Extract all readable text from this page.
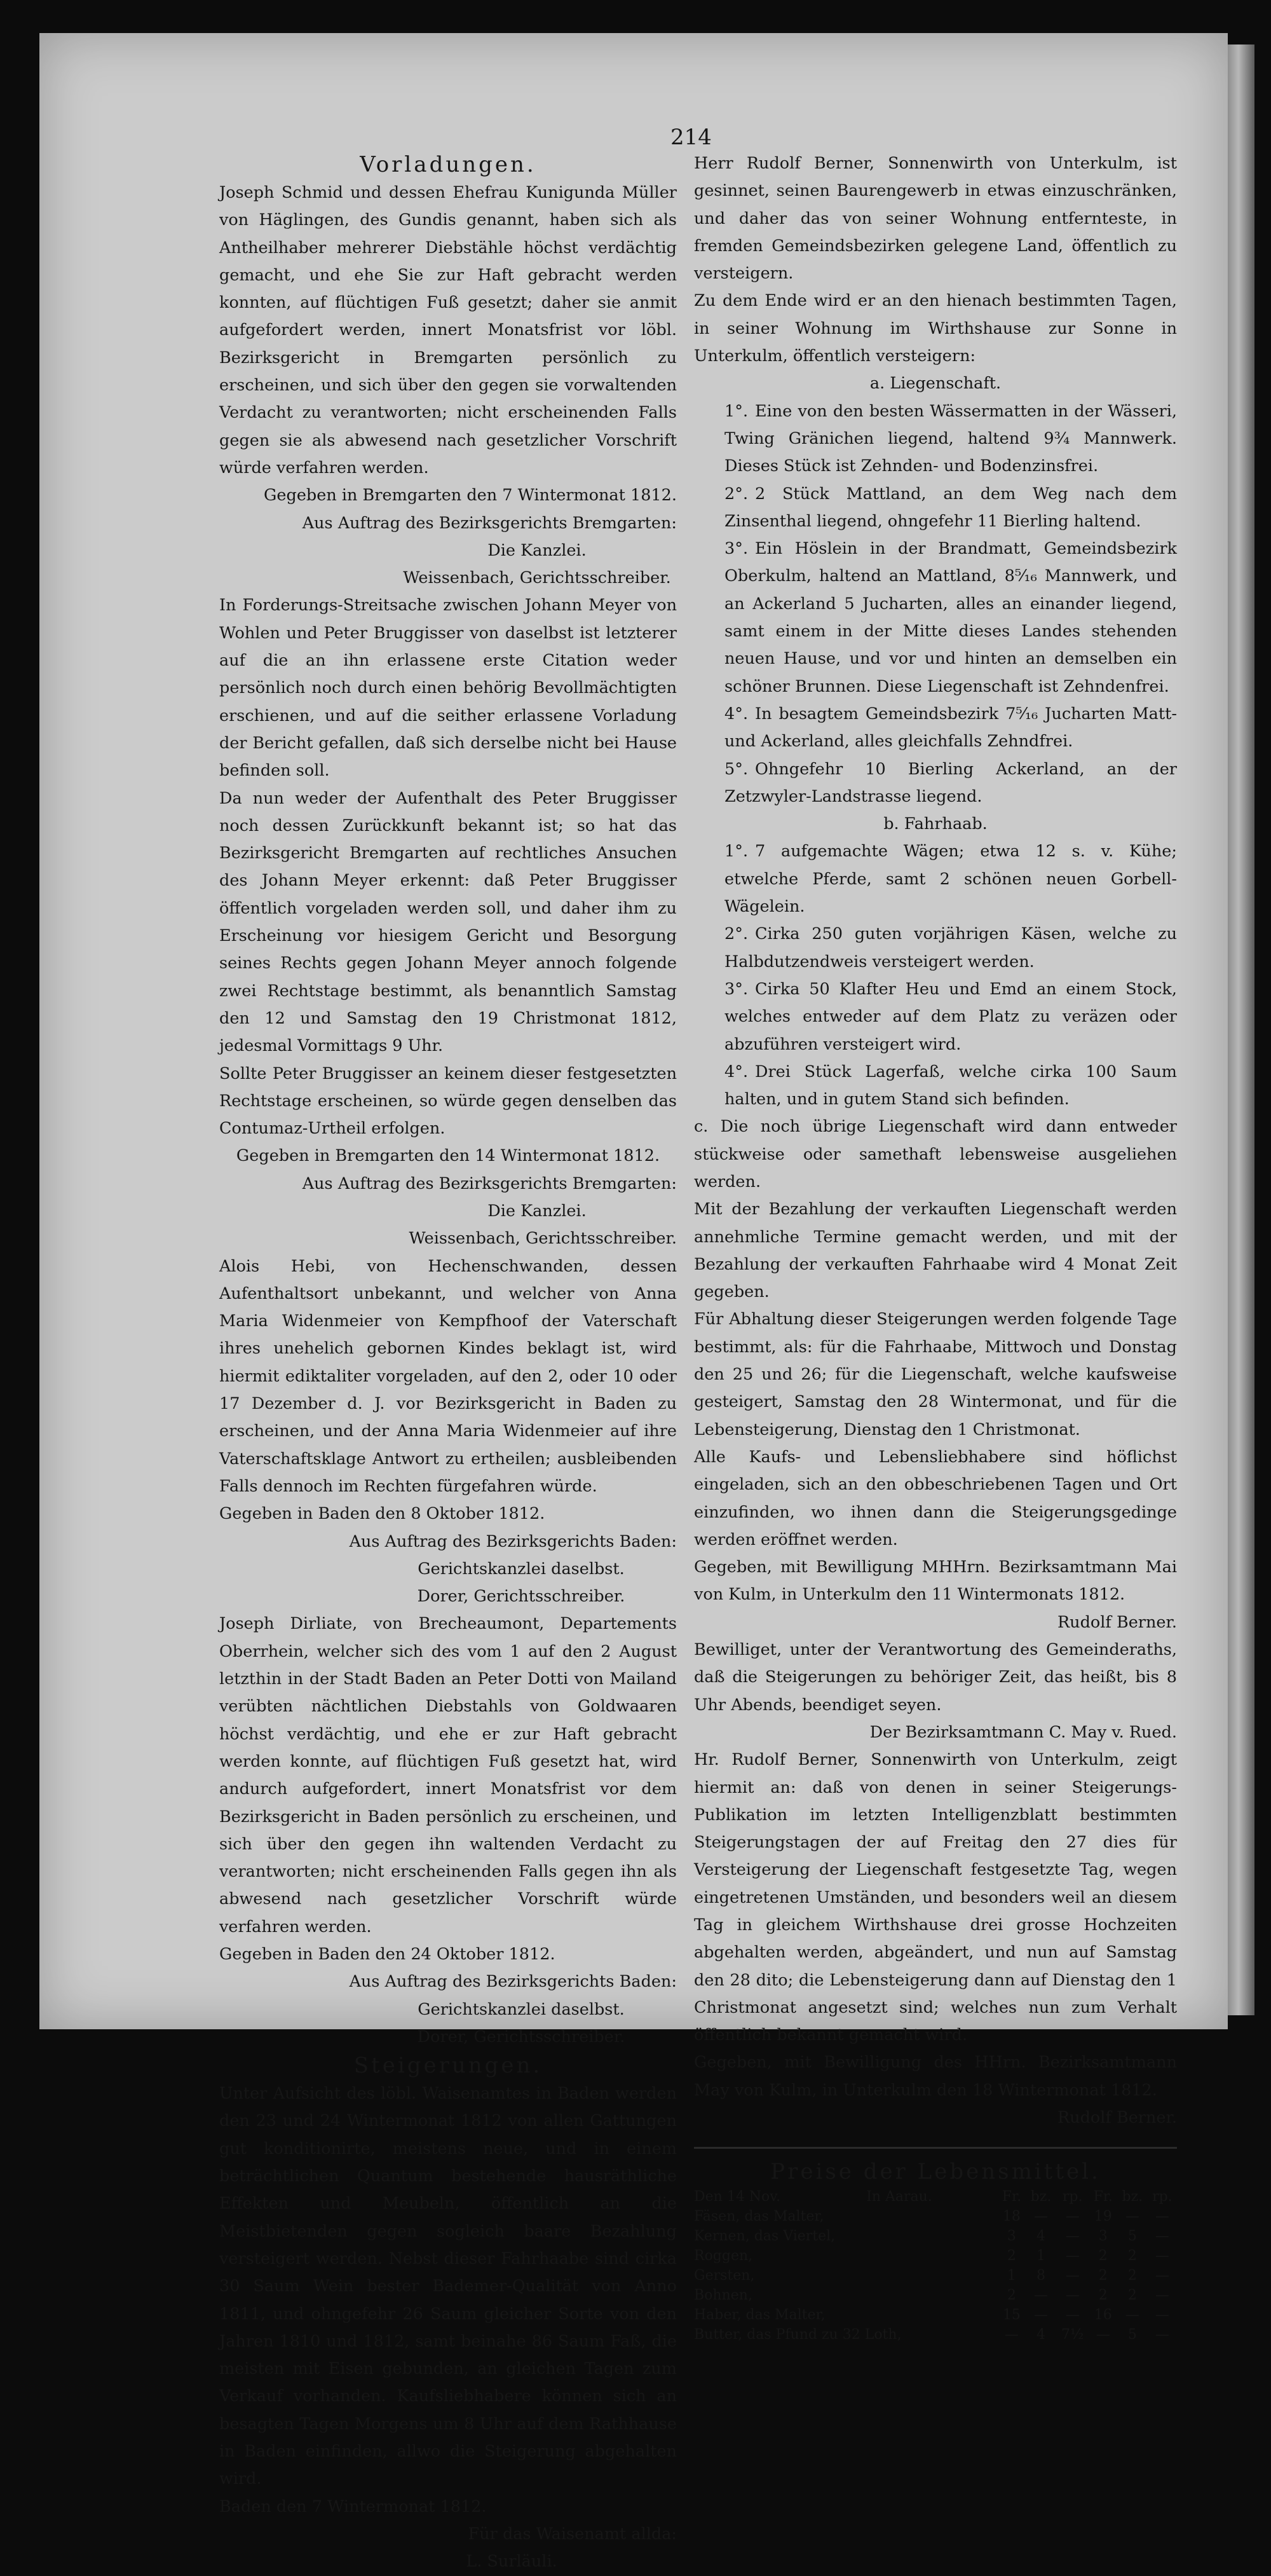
214

Vorladungen.

Joseph Schmid und dessen Ehefrau Kunigunda Müller von Häglingen, des Gundis genannt, haben sich als Antheilhaber mehrerer Diebstähle höchst verdächtig gemacht, und ehe Sie zur Haft gebracht werden konnten, auf flüchtigen Fuß gesetzt; daher sie anmit aufgefordert werden, innert Monatsfrist vor löbl. Bezirksgericht in Bremgarten persönlich zu erscheinen, und sich über den gegen sie vorwaltenden Verdacht zu verantworten; nicht erscheinenden Falls gegen sie als abwesend nach gesetzlicher Vorschrift würde verfahren werden.

Gegeben in Bremgarten den 7 Wintermonat 1812.

Aus Auftrag des Bezirksgerichts Bremgarten:

Die Kanzlei.

Weissenbach, Gerichtsschreiber.

In Forderungs-Streitsache zwischen Johann Meyer von Wohlen und Peter Bruggisser von daselbst ist letzterer auf die an ihn erlassene erste Citation weder persönlich noch durch einen behörig Bevollmächtigten erschienen, und auf die seither erlassene Vorladung der Bericht gefallen, daß sich derselbe nicht bei Hause befinden soll.

Da nun weder der Aufenthalt des Peter Bruggisser noch dessen Zurückkunft bekannt ist; so hat das Bezirksgericht Bremgarten auf rechtliches Ansuchen des Johann Meyer erkennt: daß Peter Bruggisser öffentlich vorgeladen werden soll, und daher ihm zu Erscheinung vor hiesigem Gericht und Besorgung seines Rechts gegen Johann Meyer annoch folgende zwei Rechtstage bestimmt, als benanntlich Samstag den 12 und Samstag den 19 Christmonat 1812, jedesmal Vormittags 9 Uhr.

Sollte Peter Bruggisser an keinem dieser festgesetzten Rechtstage erscheinen, so würde gegen denselben das Contumaz-Urtheil erfolgen.

Gegeben in Bremgarten den 14 Wintermonat 1812.

Aus Auftrag des Bezirksgerichts Bremgarten:

Die Kanzlei.

Weissenbach, Gerichtsschreiber.

Alois Hebi, von Hechenschwanden, dessen Aufenthaltsort unbekannt, und welcher von Anna Maria Widenmeier von Kempfhoof der Vaterschaft ihres unehelich gebornen Kindes beklagt ist, wird hiermit ediktaliter vorgeladen, auf den 2, oder 10 oder 17 Dezember d. J. vor Bezirksgericht in Baden zu erscheinen, und der Anna Maria Widenmeier auf ihre Vaterschaftsklage Antwort zu ertheilen; ausbleibenden Falls dennoch im Rechten fürgefahren würde.

Gegeben in Baden den 8 Oktober 1812.

Aus Auftrag des Bezirksgerichts Baden:

Gerichtskanzlei daselbst.

Dorer, Gerichtsschreiber.

Joseph Dirliate, von Brecheaumont, Departements Oberrhein, welcher sich des vom 1 auf den 2 August letzthin in der Stadt Baden an Peter Dotti von Mailand verübten nächtlichen Diebstahls von Goldwaaren höchst verdächtig, und ehe er zur Haft gebracht werden konnte, auf flüchtigen Fuß gesetzt hat, wird andurch aufgefordert, innert Monatsfrist vor dem Bezirksgericht in Baden persönlich zu erscheinen, und sich über den gegen ihn waltenden Verdacht zu verantworten; nicht erscheinenden Falls gegen ihn als abwesend nach gesetzlicher Vorschrift würde verfahren werden.

Gegeben in Baden den 24 Oktober 1812.

Aus Auftrag des Bezirksgerichts Baden:

Gerichtskanzlei daselbst.

Dorer, Gerichtsschreiber.

Steigerungen.

Unter Aufsicht des löbl. Waisenamtes in Baden werden den 23 und 24 Wintermonat 1812 von allen Gattungen gut konditionirte, meistens neue, und in einem beträchtlichen Quantum bestehende hausräthliche Effekten und Meubeln, öffentlich an die Meistbietenden gegen sogleich baare Bezahlung versteigert werden. Nebst dieser Fahrhaabe sind cirka 30 Saum Wein bester Bademer-Qualität von Anno 1811, und ohngefehr 26 Saum gleicher Sorte von den Jahren 1810 und 1812, samt beinahe 86 Saum Faß, die meisten mit Eisen gebunden, an gleichen Tagen zum Verkauf vorhanden. Kaufsliebhabere können sich an besagten Tagen Morgens um 8 Uhr auf dem Rathhause in Baden einfinden, allwo die Steigerung abgehalten wird.

Baden den 7 Wintermonat 1812.

Für das Waisenamt allda:

L. Surläuli.

Herr Rudolf Berner, Sonnenwirth von Unterkulm, ist gesinnet, seinen Baurengewerb in etwas einzuschränken, und daher das von seiner Wohnung entfernteste, in fremden Gemeindsbezirken gelegene Land, öffentlich zu versteigern.

Zu dem Ende wird er an den hienach bestimmten Tagen, in seiner Wohnung im Wirthshause zur Sonne in Unterkulm, öffentlich versteigern:

a. Liegenschaft.

1°. Eine von den besten Wässermatten in der Wässeri, Twing Gränichen liegend, haltend 9¾ Mannwerk. Dieses Stück ist Zehnden- und Bodenzinsfrei.

2°. 2 Stück Mattland, an dem Weg nach dem Zinsenthal liegend, ohngefehr 11 Bierling haltend.

3°. Ein Höslein in der Brandmatt, Gemeindsbezirk Oberkulm, haltend an Mattland, 8⁵⁄₁₆ Mannwerk, und an Ackerland 5 Jucharten, alles an einander liegend, samt einem in der Mitte dieses Landes stehenden neuen Hause, und vor und hinten an demselben ein schöner Brunnen. Diese Liegenschaft ist Zehndenfrei.

4°. In besagtem Gemeindsbezirk 7⁵⁄₁₆ Jucharten Matt- und Ackerland, alles gleichfalls Zehndfrei.

5°. Ohngefehr 10 Bierling Ackerland, an der Zetzwyler-Landstrasse liegend.

b. Fahrhaab.

1°. 7 aufgemachte Wägen; etwa 12 s. v. Kühe; etwelche Pferde, samt 2 schönen neuen Gorbell-Wägelein.

2°. Cirka 250 guten vorjährigen Käsen, welche zu Halbdutzendweis versteigert werden.

3°. Cirka 50 Klafter Heu und Emd an einem Stock, welches entweder auf dem Platz zu veräzen oder abzuführen versteigert wird.

4°. Drei Stück Lagerfaß, welche cirka 100 Saum halten, und in gutem Stand sich befinden.

c. Die noch übrige Liegenschaft wird dann entweder stückweise oder samethaft lebensweise ausgeliehen werden.

Mit der Bezahlung der verkauften Liegenschaft werden annehmliche Termine gemacht werden, und mit der Bezahlung der verkauften Fahrhaabe wird 4 Monat Zeit gegeben.

Für Abhaltung dieser Steigerungen werden folgende Tage bestimmt, als: für die Fahrhaabe, Mittwoch und Donstag den 25 und 26; für die Liegenschaft, welche kaufsweise gesteigert, Samstag den 28 Wintermonat, und für die Lebensteigerung, Dienstag den 1 Christmonat.

Alle Kaufs- und Lebensliebhabere sind höflichst eingeladen, sich an den obbeschriebenen Tagen und Ort einzufinden, wo ihnen dann die Steigerungsgedinge werden eröffnet werden.

Gegeben, mit Bewilligung MHHrn. Bezirksamtmann Mai von Kulm, in Unterkulm den 11 Wintermonats 1812.

Rudolf Berner.

Bewilliget, unter der Verantwortung des Gemeinderaths, daß die Steigerungen zu behöriger Zeit, das heißt, bis 8 Uhr Abends, beendiget seyen.

Der Bezirksamtmann C. May v. Rued.

Hr. Rudolf Berner, Sonnenwirth von Unterkulm, zeigt hiermit an: daß von denen in seiner Steigerungs-Publikation im letzten Intelligenzblatt bestimmten Steigerungstagen der auf Freitag den 27 dies für Versteigerung der Liegenschaft festgesetzte Tag, wegen eingetretenen Umständen, und besonders weil an diesem Tag in gleichem Wirthshause drei grosse Hochzeiten abgehalten werden, abgeändert, und nun auf Samstag den 28 dito; die Lebensteigerung dann auf Dienstag den 1 Christmonat angesetzt sind; welches nun zum Verhalt öffentlich bekannt gemacht wird.

Gegeben, mit Bewilligung des HHrn. Bezirksamtmann May von Kulm, in Unterkulm den 18 Wintermonat 1812.

Rudolf Berner.

Preise der Lebensmittel.

Den 14 Nov.	In Aarau.	Fr.	bz.	rp.	Fr.	bz.	rp.
Fäsen, das Malter,		18	—	—	19	—	—
Kernen, das Viertel,		3	4	—	3	5	—
Roggen,		2	1	—	2	2	—
Gersten,		1	8	—	2	2	—
Bohnen,		2	—	—	2	2	—
Haber, das Malter,		15	—	—	16	—	—
Butter, das Pfund zu 32 Loth,		—	4	7½	—	5	—
